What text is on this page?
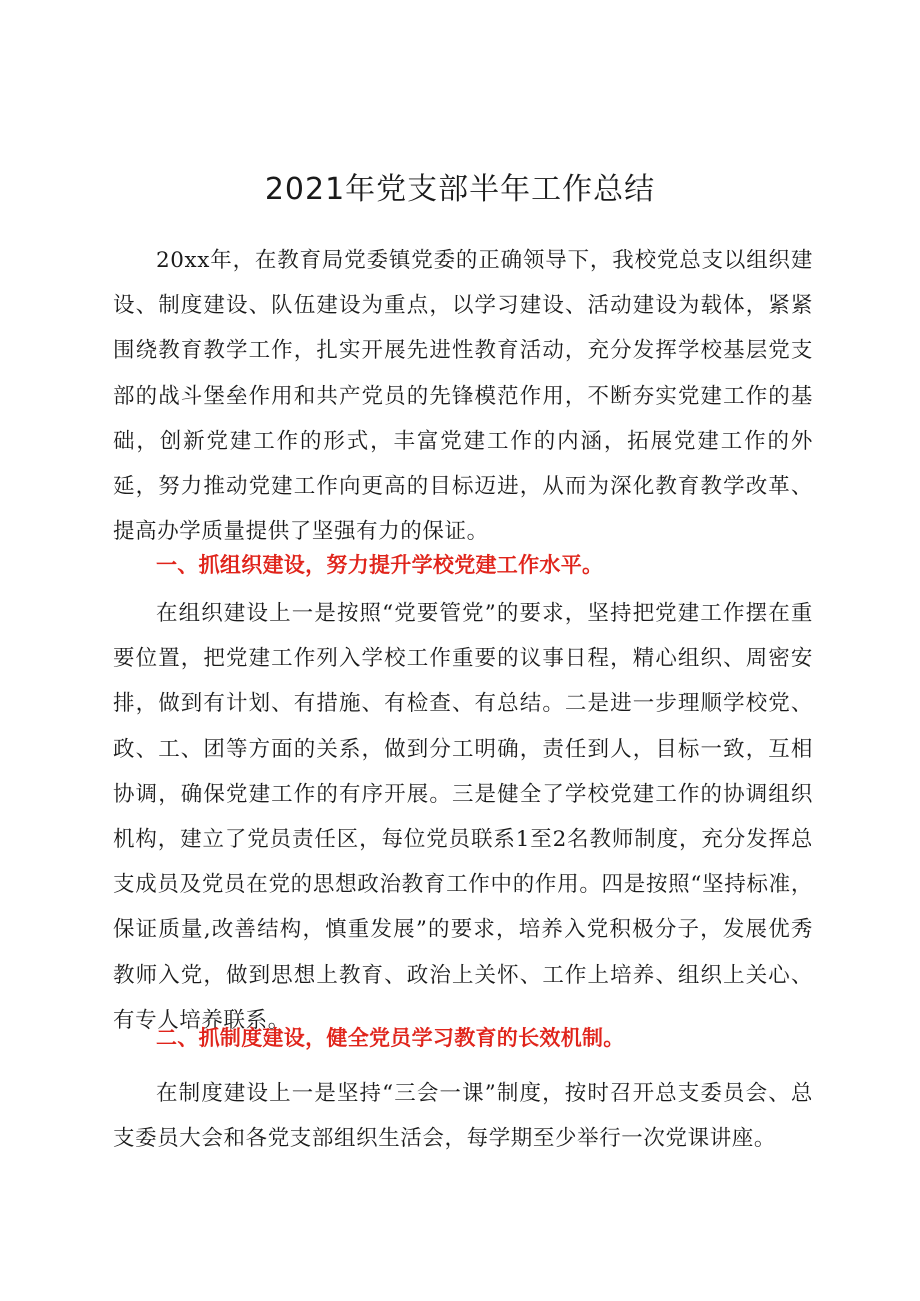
2021年党支部半年工作总结

20xx年，在教育局党委镇党委的正确领导下，我校党总支以组织建设、制度建设、队伍建设为重点，以学习建设、活动建设为载体，紧紧围绕教育教学工作，扎实开展先进性教育活动，充分发挥学校基层党支部的战斗堡垒作用和共产党员的先锋模范作用，不断夯实党建工作的基础，创新党建工作的形式，丰富党建工作的内涵，拓展党建工作的外延，努力推动党建工作向更高的目标迈进，从而为深化教育教学改革、提高办学质量提供了坚强有力的保证。

一、抓组织建设，努力提升学校党建工作水平。

在组织建设上一是按照“党要管党”的要求，坚持把党建工作摆在重要位置，把党建工作列入学校工作重要的议事日程，精心组织、周密安排，做到有计划、有措施、有检查、有总结。二是进一步理顺学校党、政、工、团等方面的关系，做到分工明确，责任到人，目标一致，互相协调，确保党建工作的有序开展。三是健全了学校党建工作的协调组织机构，建立了党员责任区，每位党员联系1至2名教师制度，充分发挥总支成员及党员在党的思想政治教育工作中的作用。四是按照“坚持标准，保证质量,改善结构，慎重发展”的要求，培养入党积极分子，发展优秀教师入党，做到思想上教育、政治上关怀、工作上培养、组织上关心、有专人培养联系。

二、抓制度建设，健全党员学习教育的长效机制。

在制度建设上一是坚持“三会一课”制度，按时召开总支委员会、总支委员大会和各党支部组织生活会，每学期至少举行一次党课讲座。
